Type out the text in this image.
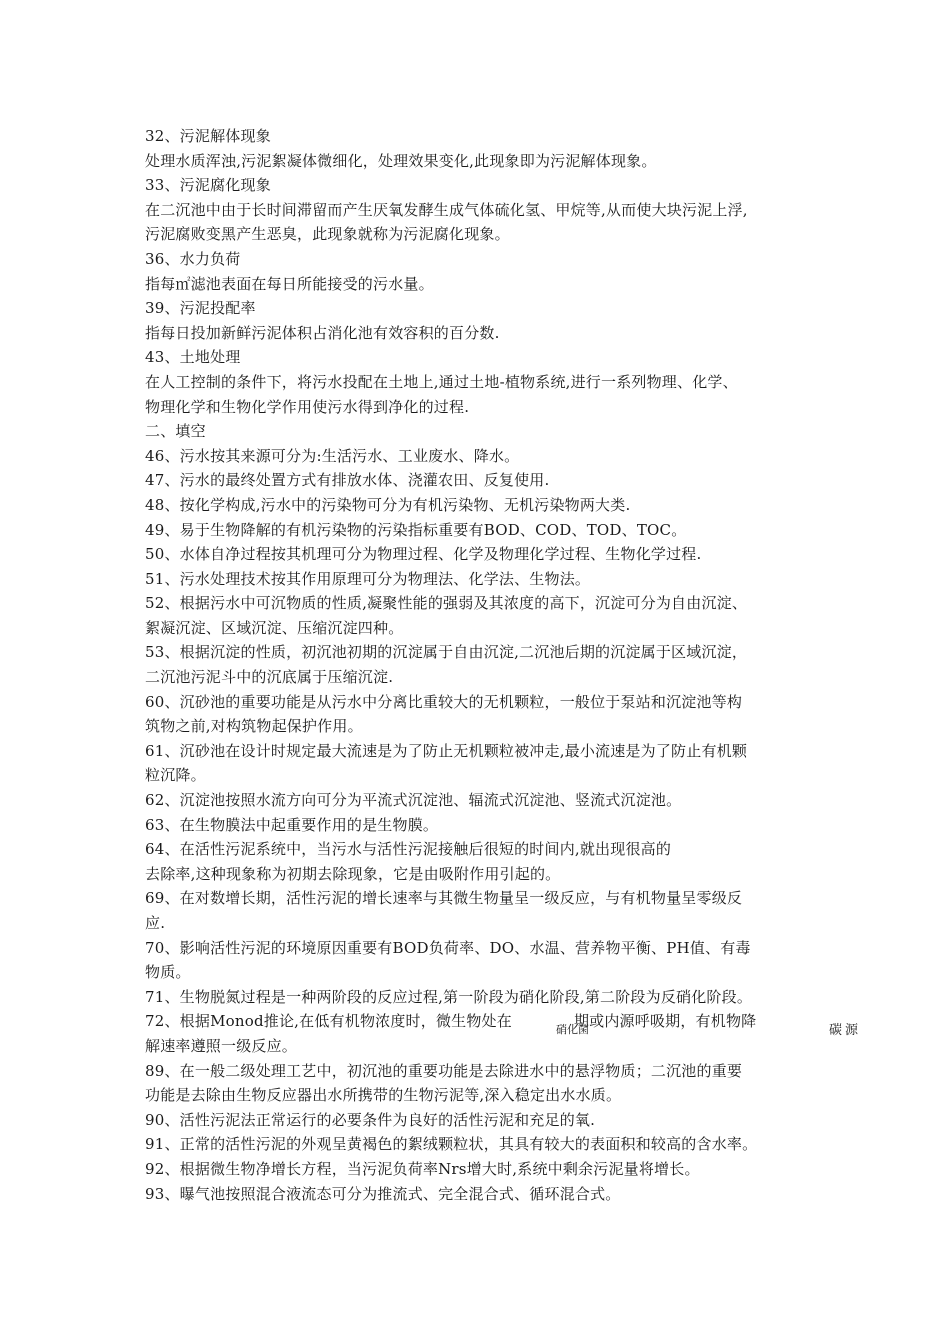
32、污泥解体现象
处理水质浑浊,污泥絮凝体微细化，处理效果变化,此现象即为污泥解体现象。
33、污泥腐化现象
在二沉池中由于长时间滞留而产生厌氧发酵生成气体硫化氢、甲烷等,从而使大块污泥上浮,
污泥腐败变黑产生恶臭，此现象就称为污泥腐化现象。
36、水力负荷
指每㎡滤池表面在每日所能接受的污水量。
39、污泥投配率
指每日投加新鲜污泥体积占消化池有效容积的百分数.
43、土地处理
在人工控制的条件下，将污水投配在土地上,通过土地-植物系统,进行一系列物理、化学、
物理化学和生物化学作用使污水得到净化的过程.
二、填空
46、污水按其来源可分为:生活污水、工业废水、降水。
47、污水的最终处置方式有排放水体、浇灌农田、反复使用.
48、按化学构成,污水中的污染物可分为有机污染物、无机污染物两大类.
49、易于生物降解的有机污染物的污染指标重要有BOD、COD、TOD、TOC。
50、水体自净过程按其机理可分为物理过程、化学及物理化学过程、生物化学过程.
51、污水处理技术按其作用原理可分为物理法、化学法、生物法。
52、根据污水中可沉物质的性质,凝聚性能的强弱及其浓度的高下，沉淀可分为自由沉淀、
絮凝沉淀、区域沉淀、压缩沉淀四种。
53、根据沉淀的性质，初沉池初期的沉淀属于自由沉淀,二沉池后期的沉淀属于区域沉淀，
二沉池污泥斗中的沉底属于压缩沉淀.
60、沉砂池的重要功能是从污水中分离比重较大的无机颗粒，一般位于泵站和沉淀池等构
筑物之前,对构筑物起保护作用。
61、沉砂池在设计时规定最大流速是为了防止无机颗粒被冲走,最小流速是为了防止有机颗
粒沉降。
62、沉淀池按照水流方向可分为平流式沉淀池、辐流式沉淀池、竖流式沉淀池。
63、在生物膜法中起重要作用的是生物膜。
64、在活性污泥系统中，当污水与活性污泥接触后很短的时间内,就出现很高的
去除率,这种现象称为初期去除现象，它是由吸附作用引起的。
69、在对数增长期，活性污泥的增长速率与其微生物量呈一级反应，与有机物量呈零级反
应.
70、影响活性污泥的环境原因重要有BOD负荷率、DO、水温、营养物平衡、PH值、有毒
物质。
71、生物脱氮过程是一种两阶段的反应过程,第一阶段为硝化阶段,第二阶段为反硝化阶段。
72、根据Monod推论,在低有机物浓度时，微生物处在	期或内源呼吸期，有机物降
解速率遵照一级反应。
89、在一般二级处理工艺中，初沉池的重要功能是去除进水中的悬浮物质；二沉池的重要
功能是去除由生物反应器出水所携带的生物污泥等,深入稳定出水水质。
90、活性污泥法正常运行的必要条件为良好的活性污泥和充足的氧.
91、正常的活性污泥的外观呈黄褐色的絮绒颗粒状，其具有较大的表面积和较高的含水率。
92、根据微生物净增长方程，当污泥负荷率Nrs增大时,系统中剩余污泥量将增长。
93、曝气池按照混合液流态可分为推流式、完全混合式、循环混合式。
硝化菌	碳源
